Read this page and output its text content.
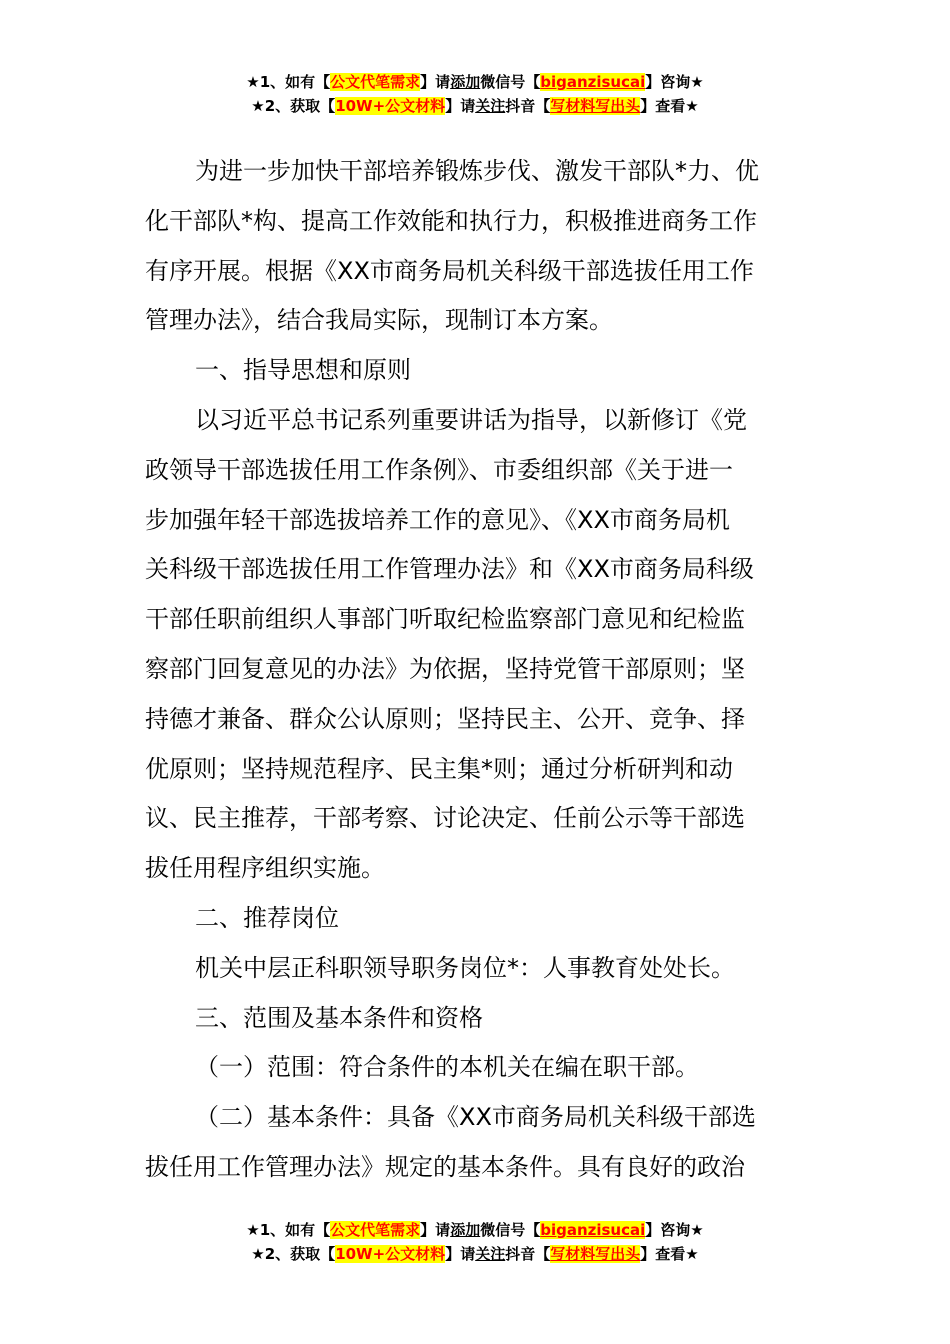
★1、如有【公文代笔需求】请添加微信号【biganzisucai】咨询★
★2、获取【10W+公文材料】请关注抖音【写材料写出头】查看★

为进一步加快干部培养锻炼步伐、激发干部队*力、优

化干部队*构、提高工作效能和执行力，积极推进商务工作

有序开展。根据《XX市商务局机关科级干部选拔任用工作

管理办法》，结合我局实际，现制订本方案。

一、指导思想和原则

以习近平总书记系列重要讲话为指导，以新修订《党

政领导干部选拔任用工作条例》、市委组织部《关于进一

步加强年轻干部选拔培养工作的意见》、《XX市商务局机

关科级干部选拔任用工作管理办法》和《XX市商务局科级

干部任职前组织人事部门听取纪检监察部门意见和纪检监

察部门回复意见的办法》为依据，坚持党管干部原则；坚

持德才兼备、群众公认原则；坚持民主、公开、竞争、择

优原则；坚持规范程序、民主集*则；通过分析研判和动

议、民主推荐，干部考察、讨论决定、任前公示等干部选

拔任用程序组织实施。

二、推荐岗位

机关中层正科职领导职务岗位*：人事教育处处长。

三、范围及基本条件和资格

（一）范围：符合条件的本机关在编在职干部。

（二）基本条件：具备《XX市商务局机关科级干部选

拔任用工作管理办法》规定的基本条件。具有良好的政治

★1、如有【公文代笔需求】请添加微信号【biganzisucai】咨询★
★2、获取【10W+公文材料】请关注抖音【写材料写出头】查看★
